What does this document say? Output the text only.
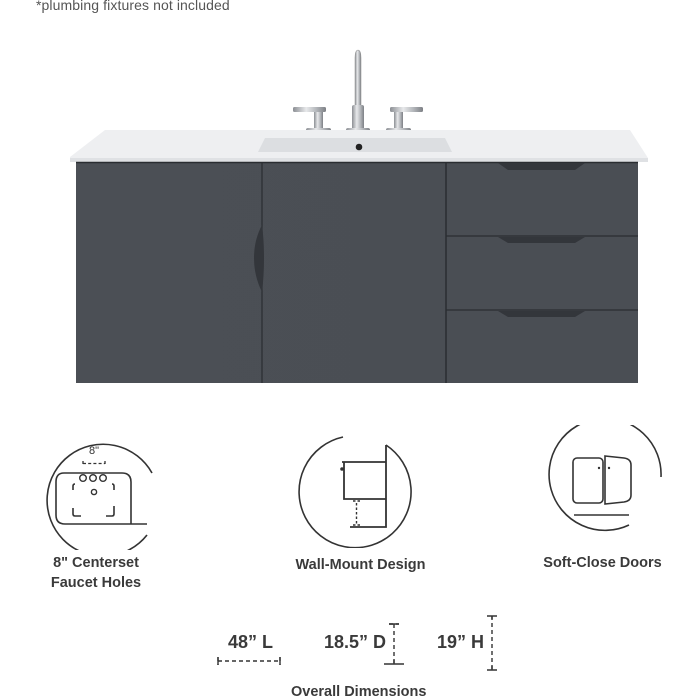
*plumbing fixtures not included
8"
8" Centerset
Faucet Holes
Wall-Mount Design	Soft-Close Doors
48” L	18.5” D	19” H
Overall Dimensions
